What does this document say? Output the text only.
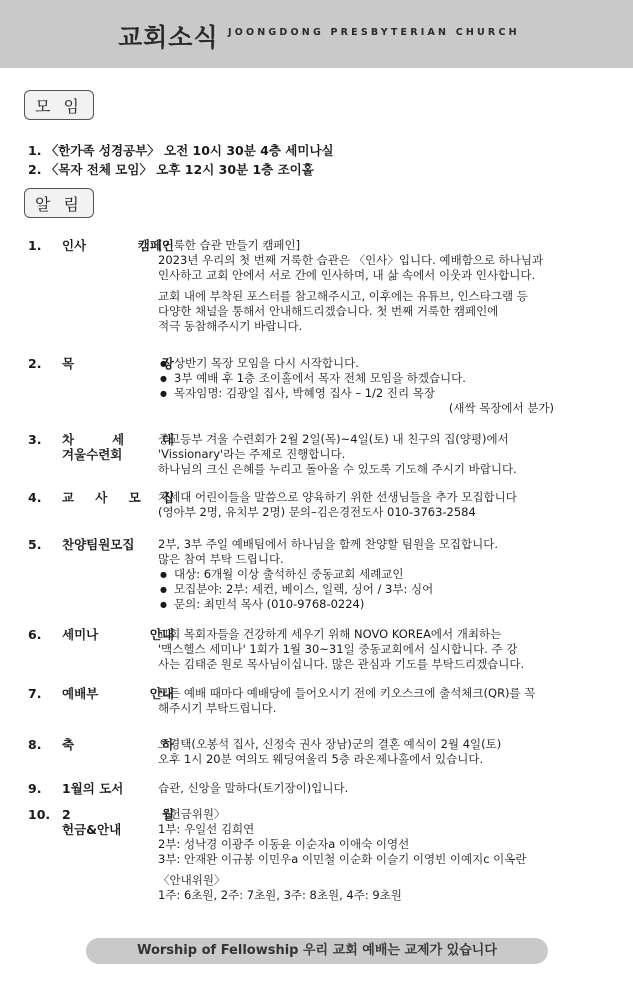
교회소식 JOONGDONG PRESBYTERIAN CHURCH
모 임
1. 〈한가족 성경공부〉 오전 10시 30분 4층 세미나실
2. 〈목자 전체 모임〉 오후 12시 30분 1층 조이홀
알 림
1. 인사 캠페인

[거룩한 습관 만들기 캠페인]

2023년 우리의 첫 번째 거룩한 습관은 〈인사〉입니다. 예배함으로 하나님과

인사하고 교회 안에서 서로 간에 인사하며, 내 삶 속에서 이웃과 인사합니다.

교회 내에 부착된 포스터를 참고해주시고, 이후에는 유튜브, 인스타그램 등

다양한 채널을 통해서 안내해드리겠습니다. 첫 번째 거룩한 캠페인에

적극 동참해주시기 바랍니다.

2. 목 장

● 상반기 목장 모임을 다시 시작합니다.

● 3부 예배 후 1층 조이홀에서 목자 전체 모임을 하겠습니다.

● 목자임명: 김광일 집사, 박혜영 집사 – 1/2 진리 목장

(새싹 목장에서 분가)

3. 차 세 대
겨울수련회

중고등부 겨울 수련회가 2월 2일(목)~4일(토) 내 친구의 집(양평)에서

'Vissionary'라는 주제로 진행합니다.

하나님의 크신 은혜를 누리고 돌아올 수 있도록 기도해 주시기 바랍니다.

4. 교 사 모 집

차세대 어린이들을 말씀으로 양육하기 위한 선생님들을 추가 모집합니다

(영아부 2명, 유치부 2명) 문의–김은경전도사 010-3763-2584

5. 찬양팀원모집	2부, 3부 주일 예배팀에서 하나님을 함께 찬양할 팀원을 모집합니다.

많은 참여 부탁 드립니다.

● 대상: 6개월 이상 출석하신 중동교회 세례교인

● 모집분야: 2부: 세컨, 베이스, 일렉, 싱어 / 3부: 싱어

● 문의: 최민석 목사 (010-9768-0224)

6. 세미나 안내

교회 목회자들을 건강하게 세우기 위해 NOVO KOREA에서 개최하는

'맥스헬스 세미나' 1회가 1월 30~31일 중동교회에서 실시합니다. 주 강

사는 김태준 원로 목사님이십니다. 많은 관심과 기도를 부탁드리겠습니다.

7. 예배부 안내

모든 예배 때마다 예배당에 들어오시기 전에 키오스크에 출석체크(QR)를 꼭

해주시기 부탁드립니다.

8. 축 하

오경택(오봉석 집사, 신정숙 권사 장남)군의 결혼 예식이 2월 4일(토)

오후 1시 20분 여의도 웨딩여울리 5층 라온제나홀에서 있습니다.

9. 1월의 도서	습관, 신앙을 말하다(토기장이)입니다.

10. 2 월
헌금&안내

〈헌금위원〉

1부: 우일선 김희연

2부: 성낙경 이광주 이동윤 이순자a 이애숙 이영선

3부: 안재완 이규봉 이민우a 이민철 이순화 이슬기 이영빈 이예지c 이옥란

〈안내위원〉

1주: 6초원, 2주: 7초원, 3주: 8초원, 4주: 9초원

Worship of Fellowship 우리 교회 예배는 교제가 있습니다
